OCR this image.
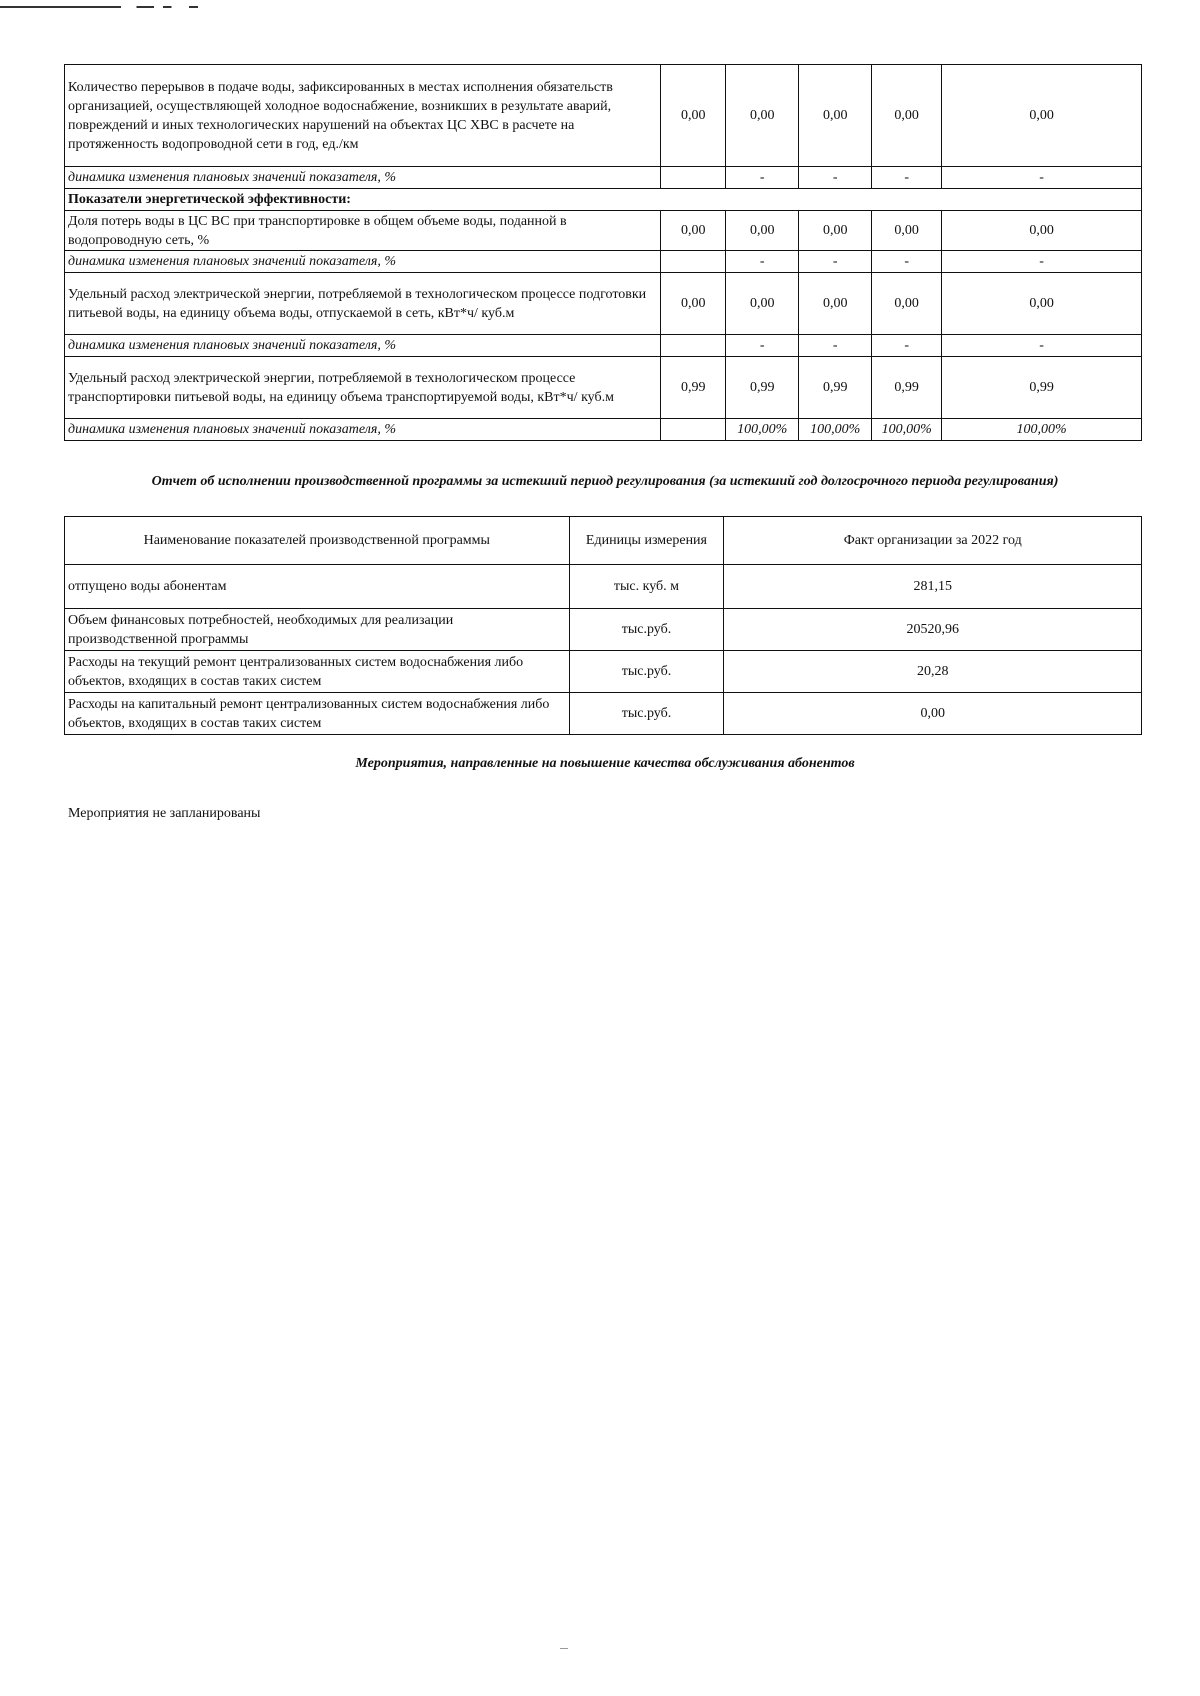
Количество перерывов в подаче воды, зафиксированных в местах исполнения обязательств организацией, осуществляющей холодное водоснабжение, возникших в результате аварий, повреждений и иных технологических нарушений на объектах ЦС ХВС в расчете на протяженность водопроводной сети в год, ед./км	0,00	0,00	0,00	0,00	0,00
динамика изменения плановых значений показателя, %		-	-	-	-
Показатели энергетической эффективности:					
Доля потерь воды в ЦС ВС при транспортировке в общем объеме воды, поданной в водопроводную сеть, %	0,00	0,00	0,00	0,00	0,00
динамика изменения плановых значений показателя, %		-	-	-	-
Удельный расход электрической энергии, потребляемой в технологическом процессе подготовки питьевой воды, на единицу объема воды, отпускаемой в сеть, кВт*ч/ куб.м	0,00	0,00	0,00	0,00	0,00
динамика изменения плановых значений показателя, %		-	-	-	-
Удельный расход электрической энергии, потребляемой в технологическом процессе транспортировки питьевой воды, на единицу объема транспортируемой воды, кВт*ч/ куб.м	0,99	0,99	0,99	0,99	0,99
динамика изменения плановых значений показателя, %		100,00%	100,00%	100,00%	100,00%
Отчет об исполнении производственной программы за истекший период регулирования (за истекший год долгосрочного периода регулирования)
Наименование показателей производственной программы	Единицы измерения	Факт организации за 2022 год
отпущено воды абонентам	тыс. куб. м	281,15
Объем финансовых потребностей, необходимых для реализации производственной программы	тыс.руб.	20520,96
Расходы на текущий ремонт централизованных систем водоснабжения либо объектов, входящих в состав таких систем	тыс.руб.	20,28
Расходы на капитальный ремонт централизованных систем водоснабжения либо объектов, входящих в состав таких систем	тыс.руб.	0,00
Мероприятия, направленные на повышение качества обслуживания абонентов
Мероприятия не запланированы
